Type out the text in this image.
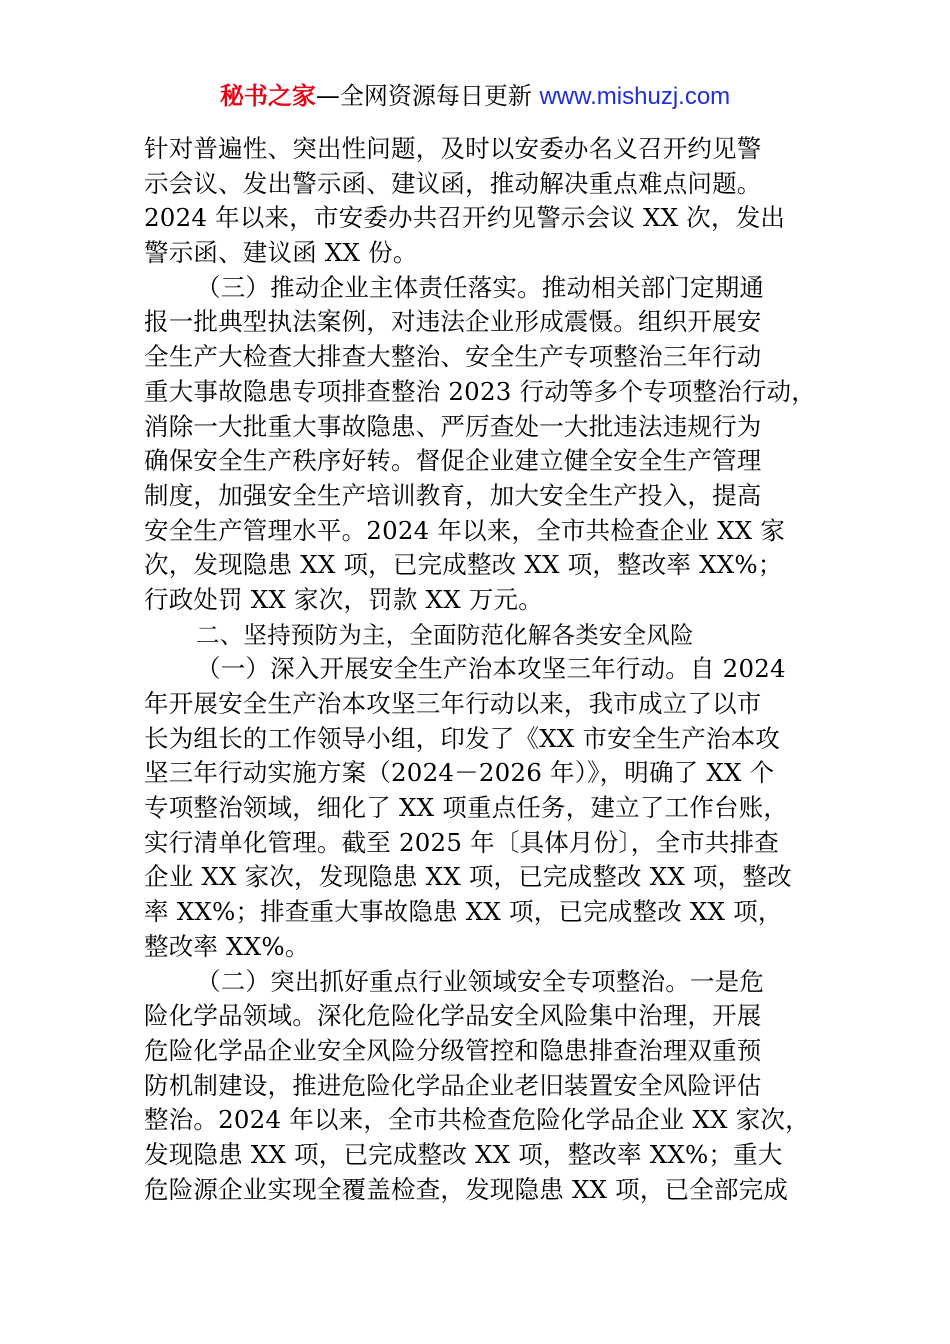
秘书之家—全网资源每日更新 www.mishuzj.com
针对普遍性、突出性问题，及时以安委办名义召开约见警
示会议、发出警示函、建议函，推动解决重点难点问题。
2024 年以来，市安委办共召开约见警示会议 XX 次，发出
警示函、建议函 XX 份。
（三）推动企业主体责任落实。推动相关部门定期通
报一批典型执法案例，对违法企业形成震慑。组织开展安
全生产大检查大排查大整治、安全生产专项整治三年行动
重大事故隐患专项排查整治 2023 行动等多个专项整治行动，
消除一大批重大事故隐患、严厉查处一大批违法违规行为
确保安全生产秩序好转。督促企业建立健全安全生产管理
制度，加强安全生产培训教育，加大安全生产投入，提高
安全生产管理水平。2024 年以来，全市共检查企业 XX 家
次，发现隐患 XX 项，已完成整改 XX 项，整改率 XX%；
行政处罚 XX 家次，罚款 XX 万元。
二、坚持预防为主，全面防范化解各类安全风险
（一）深入开展安全生产治本攻坚三年行动。自 2024
年开展安全生产治本攻坚三年行动以来，我市成立了以市
长为组长的工作领导小组，印发了《XX 市安全生产治本攻
坚三年行动实施方案（2024－2026 年）》，明确了 XX 个
专项整治领域，细化了 XX 项重点任务，建立了工作台账，
实行清单化管理。截至 2025 年〔具体月份〕，全市共排查
企业 XX 家次，发现隐患 XX 项，已完成整改 XX 项，整改
率 XX%；排查重大事故隐患 XX 项，已完成整改 XX 项，
整改率 XX%。
（二）突出抓好重点行业领域安全专项整治。一是危
险化学品领域。深化危险化学品安全风险集中治理，开展
危险化学品企业安全风险分级管控和隐患排查治理双重预
防机制建设，推进危险化学品企业老旧装置安全风险评估
整治。2024 年以来，全市共检查危险化学品企业 XX 家次，
发现隐患 XX 项，已完成整改 XX 项，整改率 XX%；重大
危险源企业实现全覆盖检查，发现隐患 XX 项，已全部完成
